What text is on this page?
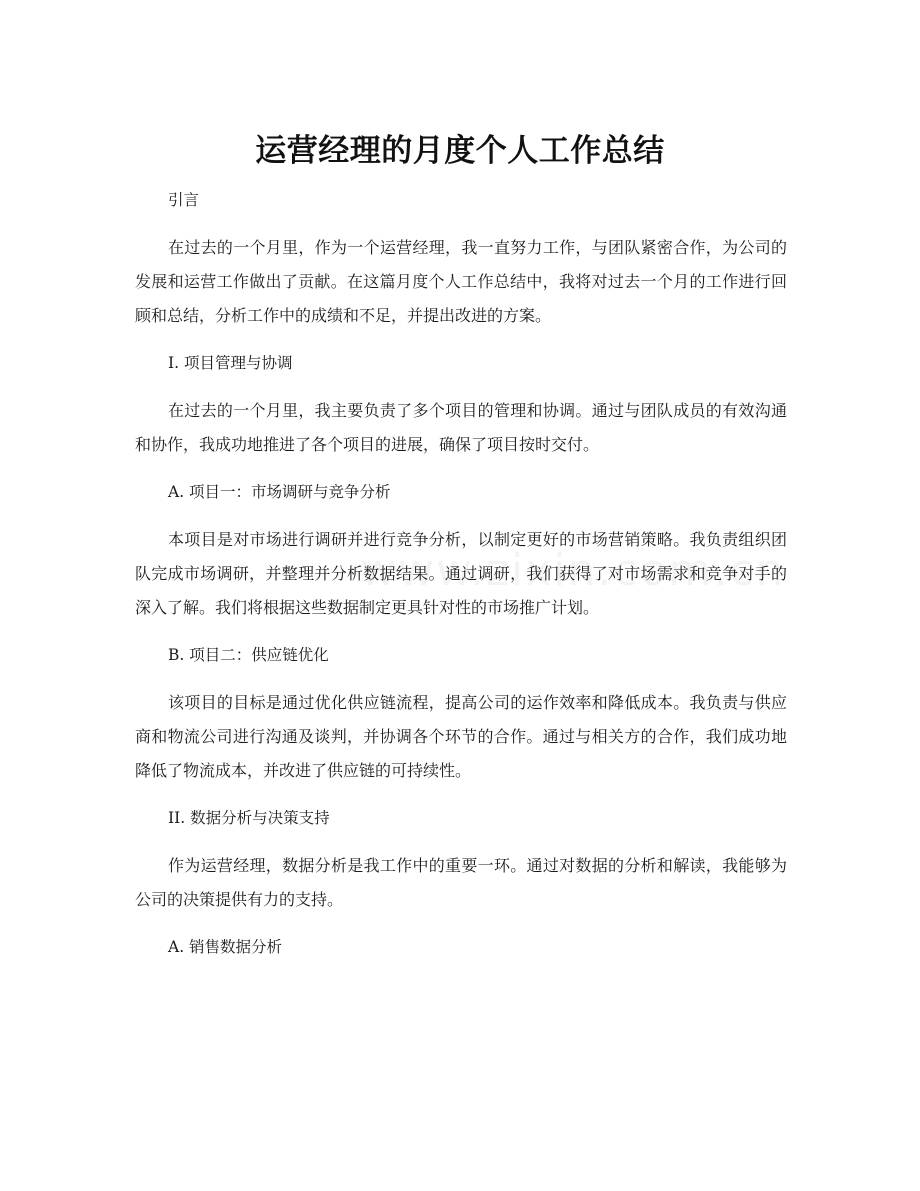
运营经理的月度个人工作总结

引言

在过去的一个月里，作为一个运营经理，我一直努力工作，与团队紧密合作，为公司的发展和运营工作做出了贡献。在这篇月度个人工作总结中，我将对过去一个月的工作进行回顾和总结，分析工作中的成绩和不足，并提出改进的方案。

I. 项目管理与协调

在过去的一个月里，我主要负责了多个项目的管理和协调。通过与团队成员的有效沟通和协作，我成功地推进了各个项目的进展，确保了项目按时交付。

A. 项目一：市场调研与竞争分析

本项目是对市场进行调研并进行竞争分析，以制定更好的市场营销策略。我负责组织团队完成市场调研，并整理并分析数据结果。通过调研，我们获得了对市场需求和竞争对手的深入了解。我们将根据这些数据制定更具针对性的市场推广计划。

B. 项目二：供应链优化

该项目的目标是通过优化供应链流程，提高公司的运作效率和降低成本。我负责与供应商和物流公司进行沟通及谈判，并协调各个环节的合作。通过与相关方的合作，我们成功地降低了物流成本，并改进了供应链的可持续性。

II. 数据分析与决策支持

作为运营经理，数据分析是我工作中的重要一环。通过对数据的分析和解读，我能够为公司的决策提供有力的支持。

A. 销售数据分析
